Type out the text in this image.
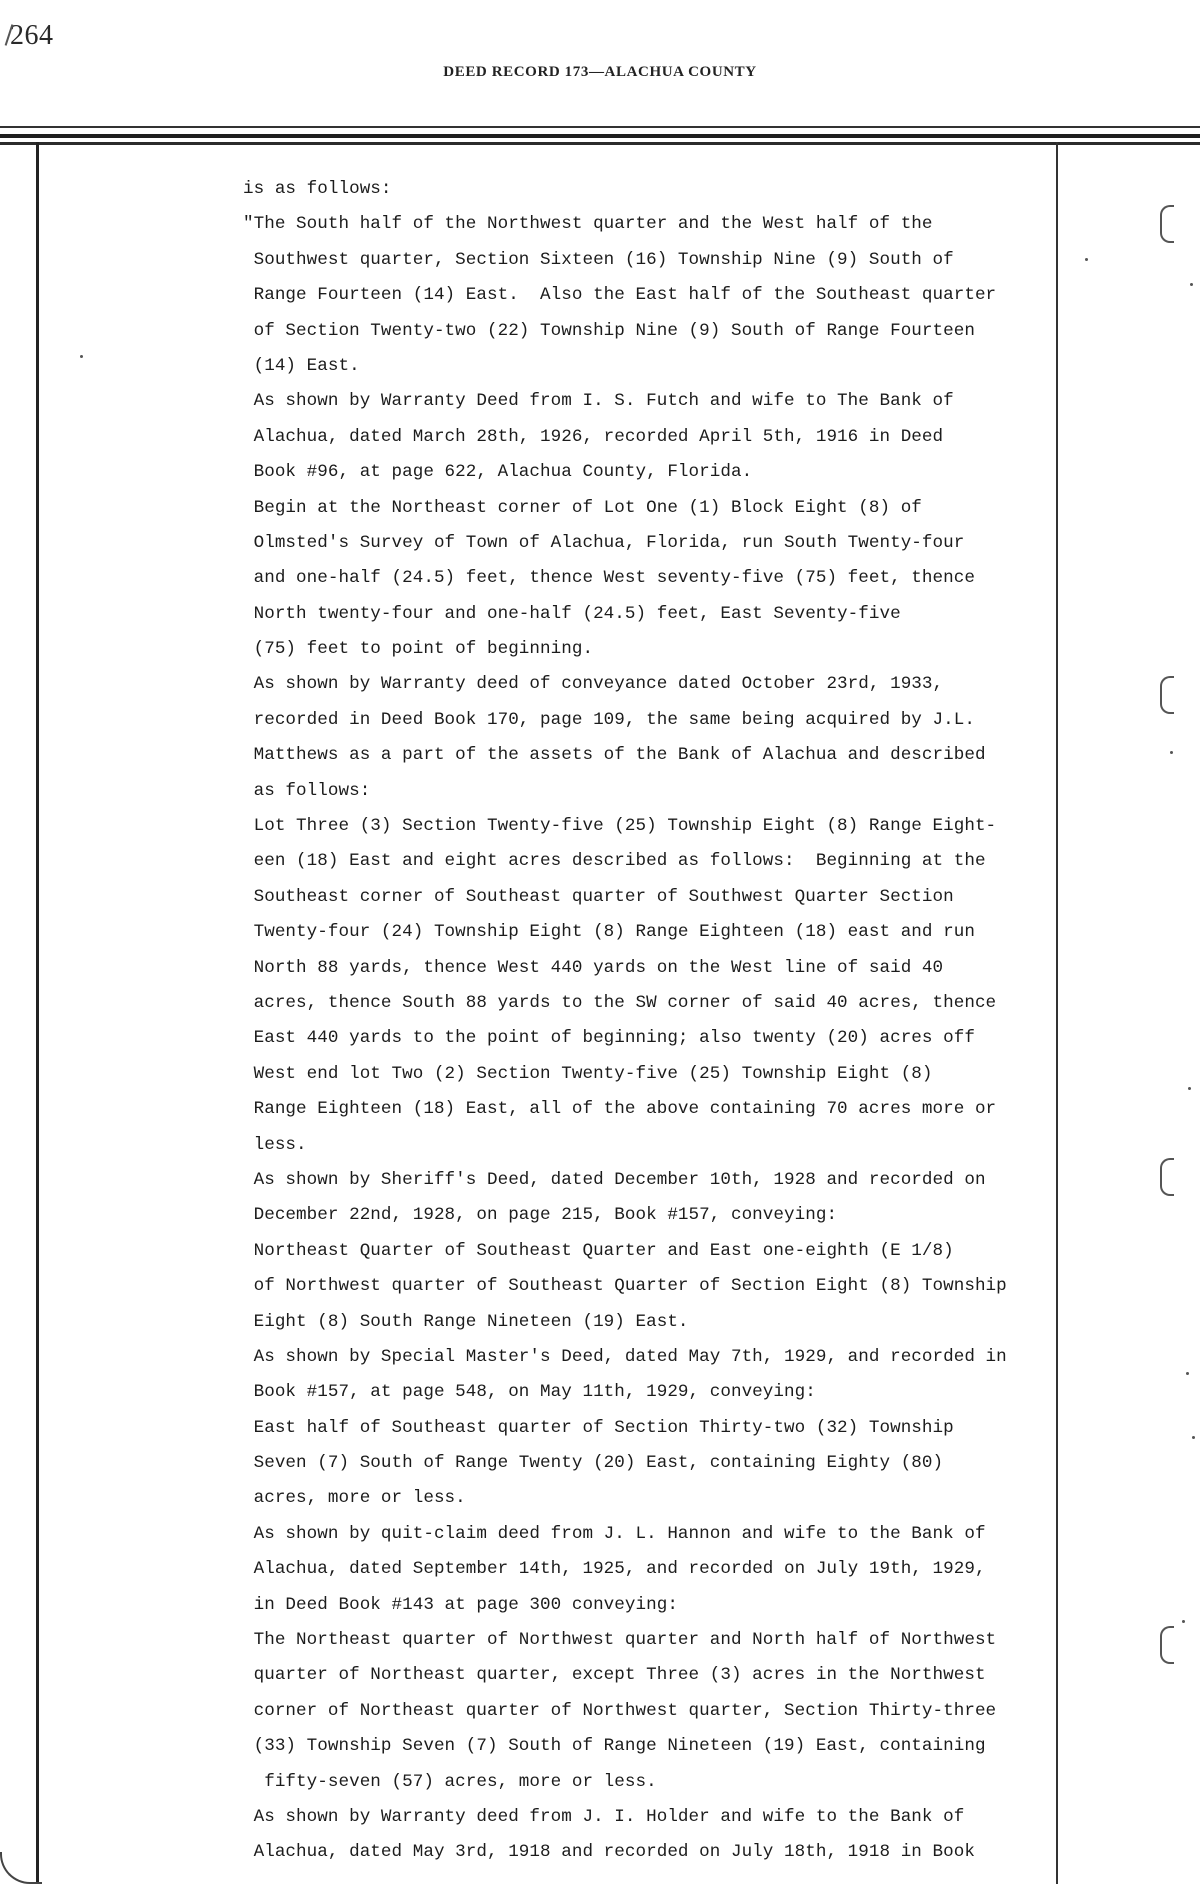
264
DEED RECORD 173—ALACHUA COUNTY
is as follows:
"The South half of the Northwest quarter and the West half of the
Southwest quarter, Section Sixteen (16) Township Nine (9) South of
Range Fourteen (14) East.  Also the East half of the Southeast quarter
of Section Twenty-two (22) Township Nine (9) South of Range Fourteen
(14) East.
As shown by Warranty Deed from I. S. Futch and wife to The Bank of
Alachua, dated March 28th, 1926, recorded April 5th, 1916 in Deed
Book #96, at page 622, Alachua County, Florida.
Begin at the Northeast corner of Lot One (1) Block Eight (8) of
Olmsted's Survey of Town of Alachua, Florida, run South Twenty-four
and one-half (24.5) feet, thence West seventy-five (75) feet, thence
North twenty-four and one-half (24.5) feet, East Seventy-five
(75) feet to point of beginning.
As shown by Warranty deed of conveyance dated October 23rd, 1933,
recorded in Deed Book 170, page 109, the same being acquired by J.L.
Matthews as a part of the assets of the Bank of Alachua and described
as follows:
Lot Three (3) Section Twenty-five (25) Township Eight (8) Range Eight-
een (18) East and eight acres described as follows:  Beginning at the
Southeast corner of Southeast quarter of Southwest Quarter Section
Twenty-four (24) Township Eight (8) Range Eighteen (18) east and run
North 88 yards, thence West 440 yards on the West line of said 40
acres, thence South 88 yards to the SW corner of said 40 acres, thence
East 440 yards to the point of beginning; also twenty (20) acres off
West end lot Two (2) Section Twenty-five (25) Township Eight (8)
Range Eighteen (18) East, all of the above containing 70 acres more or
less.
As shown by Sheriff's Deed, dated December 10th, 1928 and recorded on
December 22nd, 1928, on page 215, Book #157, conveying:
Northeast Quarter of Southeast Quarter and East one-eighth (E 1/8)
of Northwest quarter of Southeast Quarter of Section Eight (8) Township
Eight (8) South Range Nineteen (19) East.
As shown by Special Master's Deed, dated May 7th, 1929, and recorded in
Book #157, at page 548, on May 11th, 1929, conveying:
East half of Southeast quarter of Section Thirty-two (32) Township
Seven (7) South of Range Twenty (20) East, containing Eighty (80)
acres, more or less.
As shown by quit-claim deed from J. L. Hannon and wife to the Bank of
Alachua, dated September 14th, 1925, and recorded on July 19th, 1929,
in Deed Book #143 at page 300 conveying:
The Northeast quarter of Northwest quarter and North half of Northwest
quarter of Northeast quarter, except Three (3) acres in the Northwest
corner of Northeast quarter of Northwest quarter, Section Thirty-three
(33) Township Seven (7) South of Range Nineteen (19) East, containing
fifty-seven (57) acres, more or less.
As shown by Warranty deed from J. I. Holder and wife to the Bank of
Alachua, dated May 3rd, 1918 and recorded on July 18th, 1918 in Book
